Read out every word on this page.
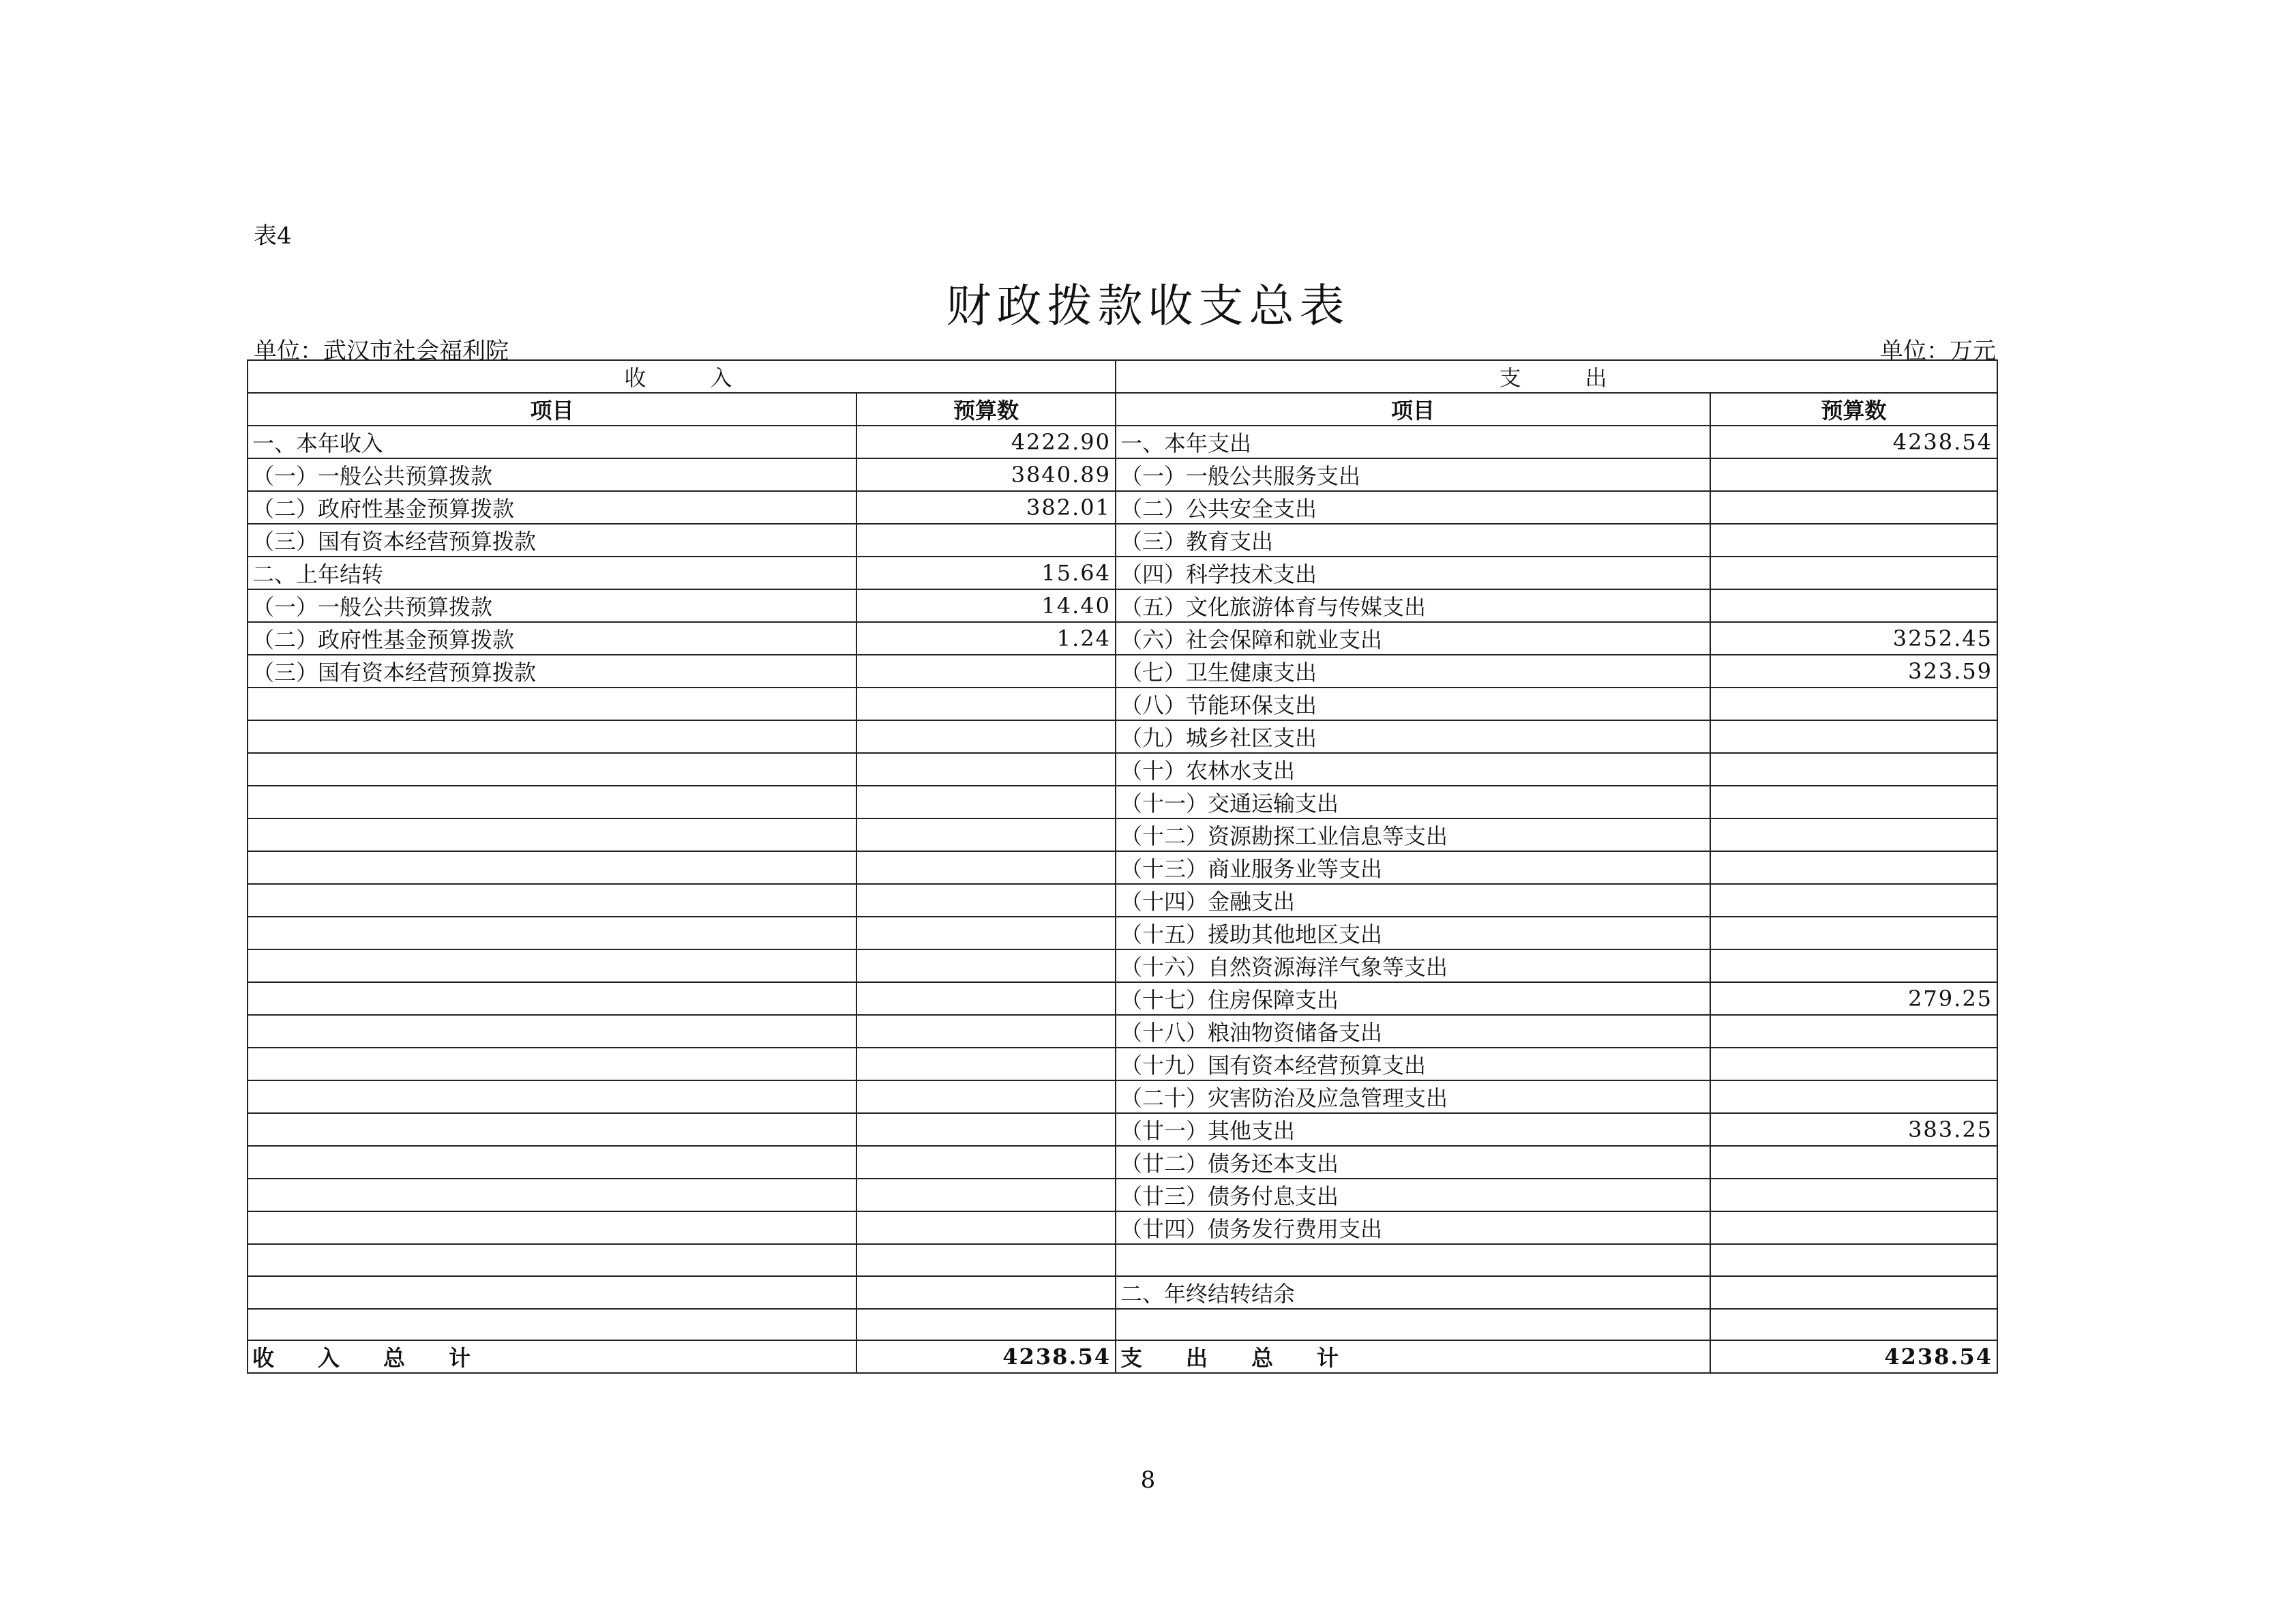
表4
财政拨款收支总表
单位：武汉市社会福利院	单位：万元
收　　入		支　　出	
项目	预算数	项目	预算数
一、本年收入	4222.90	一、本年支出	4238.54
（一）一般公共预算拨款	3840.89	（一）一般公共服务支出	
（二）政府性基金预算拨款	382.01	（二）公共安全支出	
（三）国有资本经营预算拨款		（三）教育支出	
二、上年结转	15.64	（四）科学技术支出	
（一）一般公共预算拨款	14.40	（五）文化旅游体育与传媒支出	
（二）政府性基金预算拨款	1.24	（六）社会保障和就业支出	3252.45
（三）国有资本经营预算拨款		（七）卫生健康支出	323.59
		（八）节能环保支出	
		（九）城乡社区支出	
		（十）农林水支出	
		（十一）交通运输支出	
		（十二）资源勘探工业信息等支出	
		（十三）商业服务业等支出	
		（十四）金融支出	
		（十五）援助其他地区支出	
		（十六）自然资源海洋气象等支出	
		（十七）住房保障支出	279.25
		（十八）粮油物资储备支出	
		（十九）国有资本经营预算支出	
		（二十）灾害防治及应急管理支出	
		（廿一）其他支出	383.25
		（廿二）债务还本支出	
		（廿三）债务付息支出	
		（廿四）债务发行费用支出	

		二、年终结转结余	

收　　入　　总　　计	4238.54	支　　出　　总　　计	4238.54
8
